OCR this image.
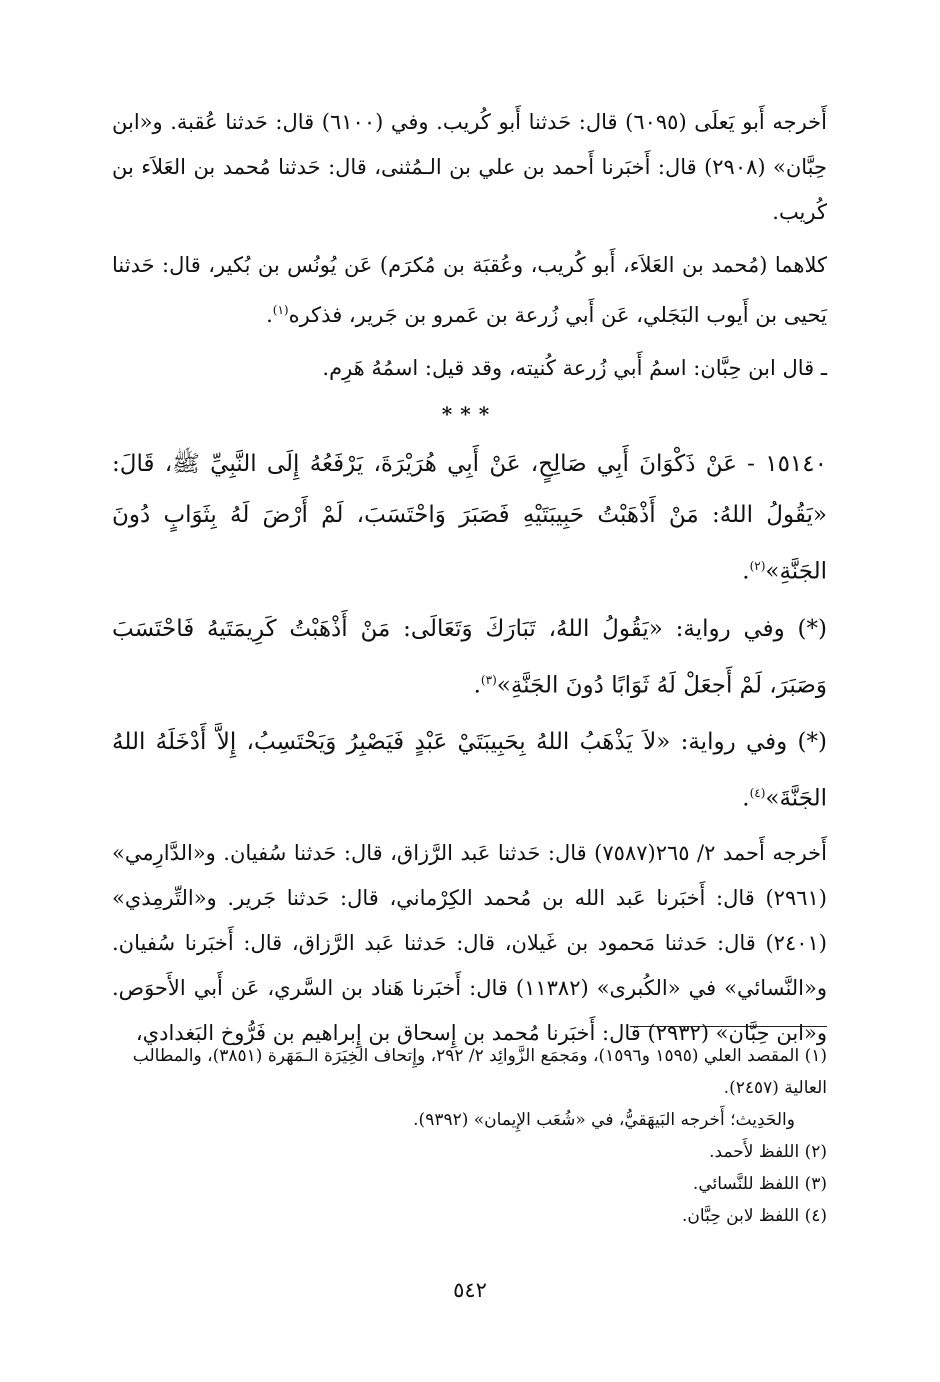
أَخرجه أَبو يَعلَى (٦٠٩٥) قال: حَدثنا أَبو كُريب. وفي (٦١٠٠) قال: حَدثنا عُقبة. و«ابن حِبَّان» (٢٩٠٨) قال: أَخبَرنا أَحمد بن علي بن الـمُثنى، قال: حَدثنا مُحمد بن العَلاَء بن كُريب.

كلاهما (مُحمد بن العَلاَء، أَبو كُريب، وعُقبَة بن مُكرَم) عَن يُونُس بن بُكير، قال: حَدثنا يَحيى بن أَيوب البَجَلي، عَن أَبي زُرعة بن عَمرو بن جَرير، فذكره$^{(١)}$.

ـ قال ابن حِبَّان: اسمُ أَبي زُرعة كُنيته، وقد قيل: اسمُهُ هَرِم.

***

١٥١٤٠ - عَنْ ذَكْوَانَ أَبِي صَالِحٍ، عَنْ أَبِي هُرَيْرَةَ، يَرْفَعُهُ إِلَى النَّبِيِّ ﷺ، قَالَ: «يَقُولُ اللهُ: مَنْ أَذْهَبْتُ حَبِيبَتَيْهِ فَصَبَرَ وَاحْتَسَبَ، لَمْ أَرْضَ لَهُ بِثَوَابٍ دُونَ الجَنَّةِ»$^{(٢)}$.

(*) وفي رواية: «يَقُولُ اللهُ، تَبَارَكَ وَتَعَالَى: مَنْ أَذْهَبْتُ كَرِيمَتَيهُ فَاحْتَسَبَ وَصَبَرَ، لَمْ أَجعَلْ لَهُ ثَوَابًا دُونَ الجَنَّةِ»$^{(٣)}$.

(*) وفي رواية: «لاَ يَذْهَبُ اللهُ بِحَبِيبَتَيْ عَبْدٍ فَيَصْبِرُ وَيَحْتَسِبُ، إِلاَّ أَدْخَلَهُ اللهُ الجَنَّةَ»$^{(٤)}$.

أَخرجه أَحمد ٢/ ٢٦٥(٧٥٨٧) قال: حَدثنا عَبد الرَّزاق، قال: حَدثنا سُفيان. و«الدَّارِمي» (٢٩٦١) قال: أَخبَرنا عَبد الله بن مُحمد الكِرْماني، قال: حَدثنا جَرير. و«التِّرمِذي» (٢٤٠١) قال: حَدثنا مَحمود بن غَيلان، قال: حَدثنا عَبد الرَّزاق، قال: أَخبَرنا سُفيان. و«النَّسائي» في «الكُبرى» (١١٣٨٢) قال: أَخبَرنا هَناد بن السَّري، عَن أَبي الأَحوَص. و«ابن حِبَّان» (٢٩٣٢) قال: أَخبَرنا مُحمد بن إِسحاق بن إِبراهيم بن فَرُّوخ البَغدادي،

(١) المقصد العلي (١٥٩٥ و١٥٩٦)، ومَجمَع الزَّوائِد ٢/ ٢٩٢، وإِتحاف الخِيَرَة الـمَهَرة (٣٨٥١)، والمطالب العالية (٢٤٥٧).

والحَدِيث؛ أَخرجه البَيهَقيُّ، في «شُعَب الإِيمان» (٩٣٩٢).

(٢) اللفظ لأَحمد.

(٣) اللفظ للنَّسائي.

(٤) اللفظ لابن حِبَّان.

٥٤٢
